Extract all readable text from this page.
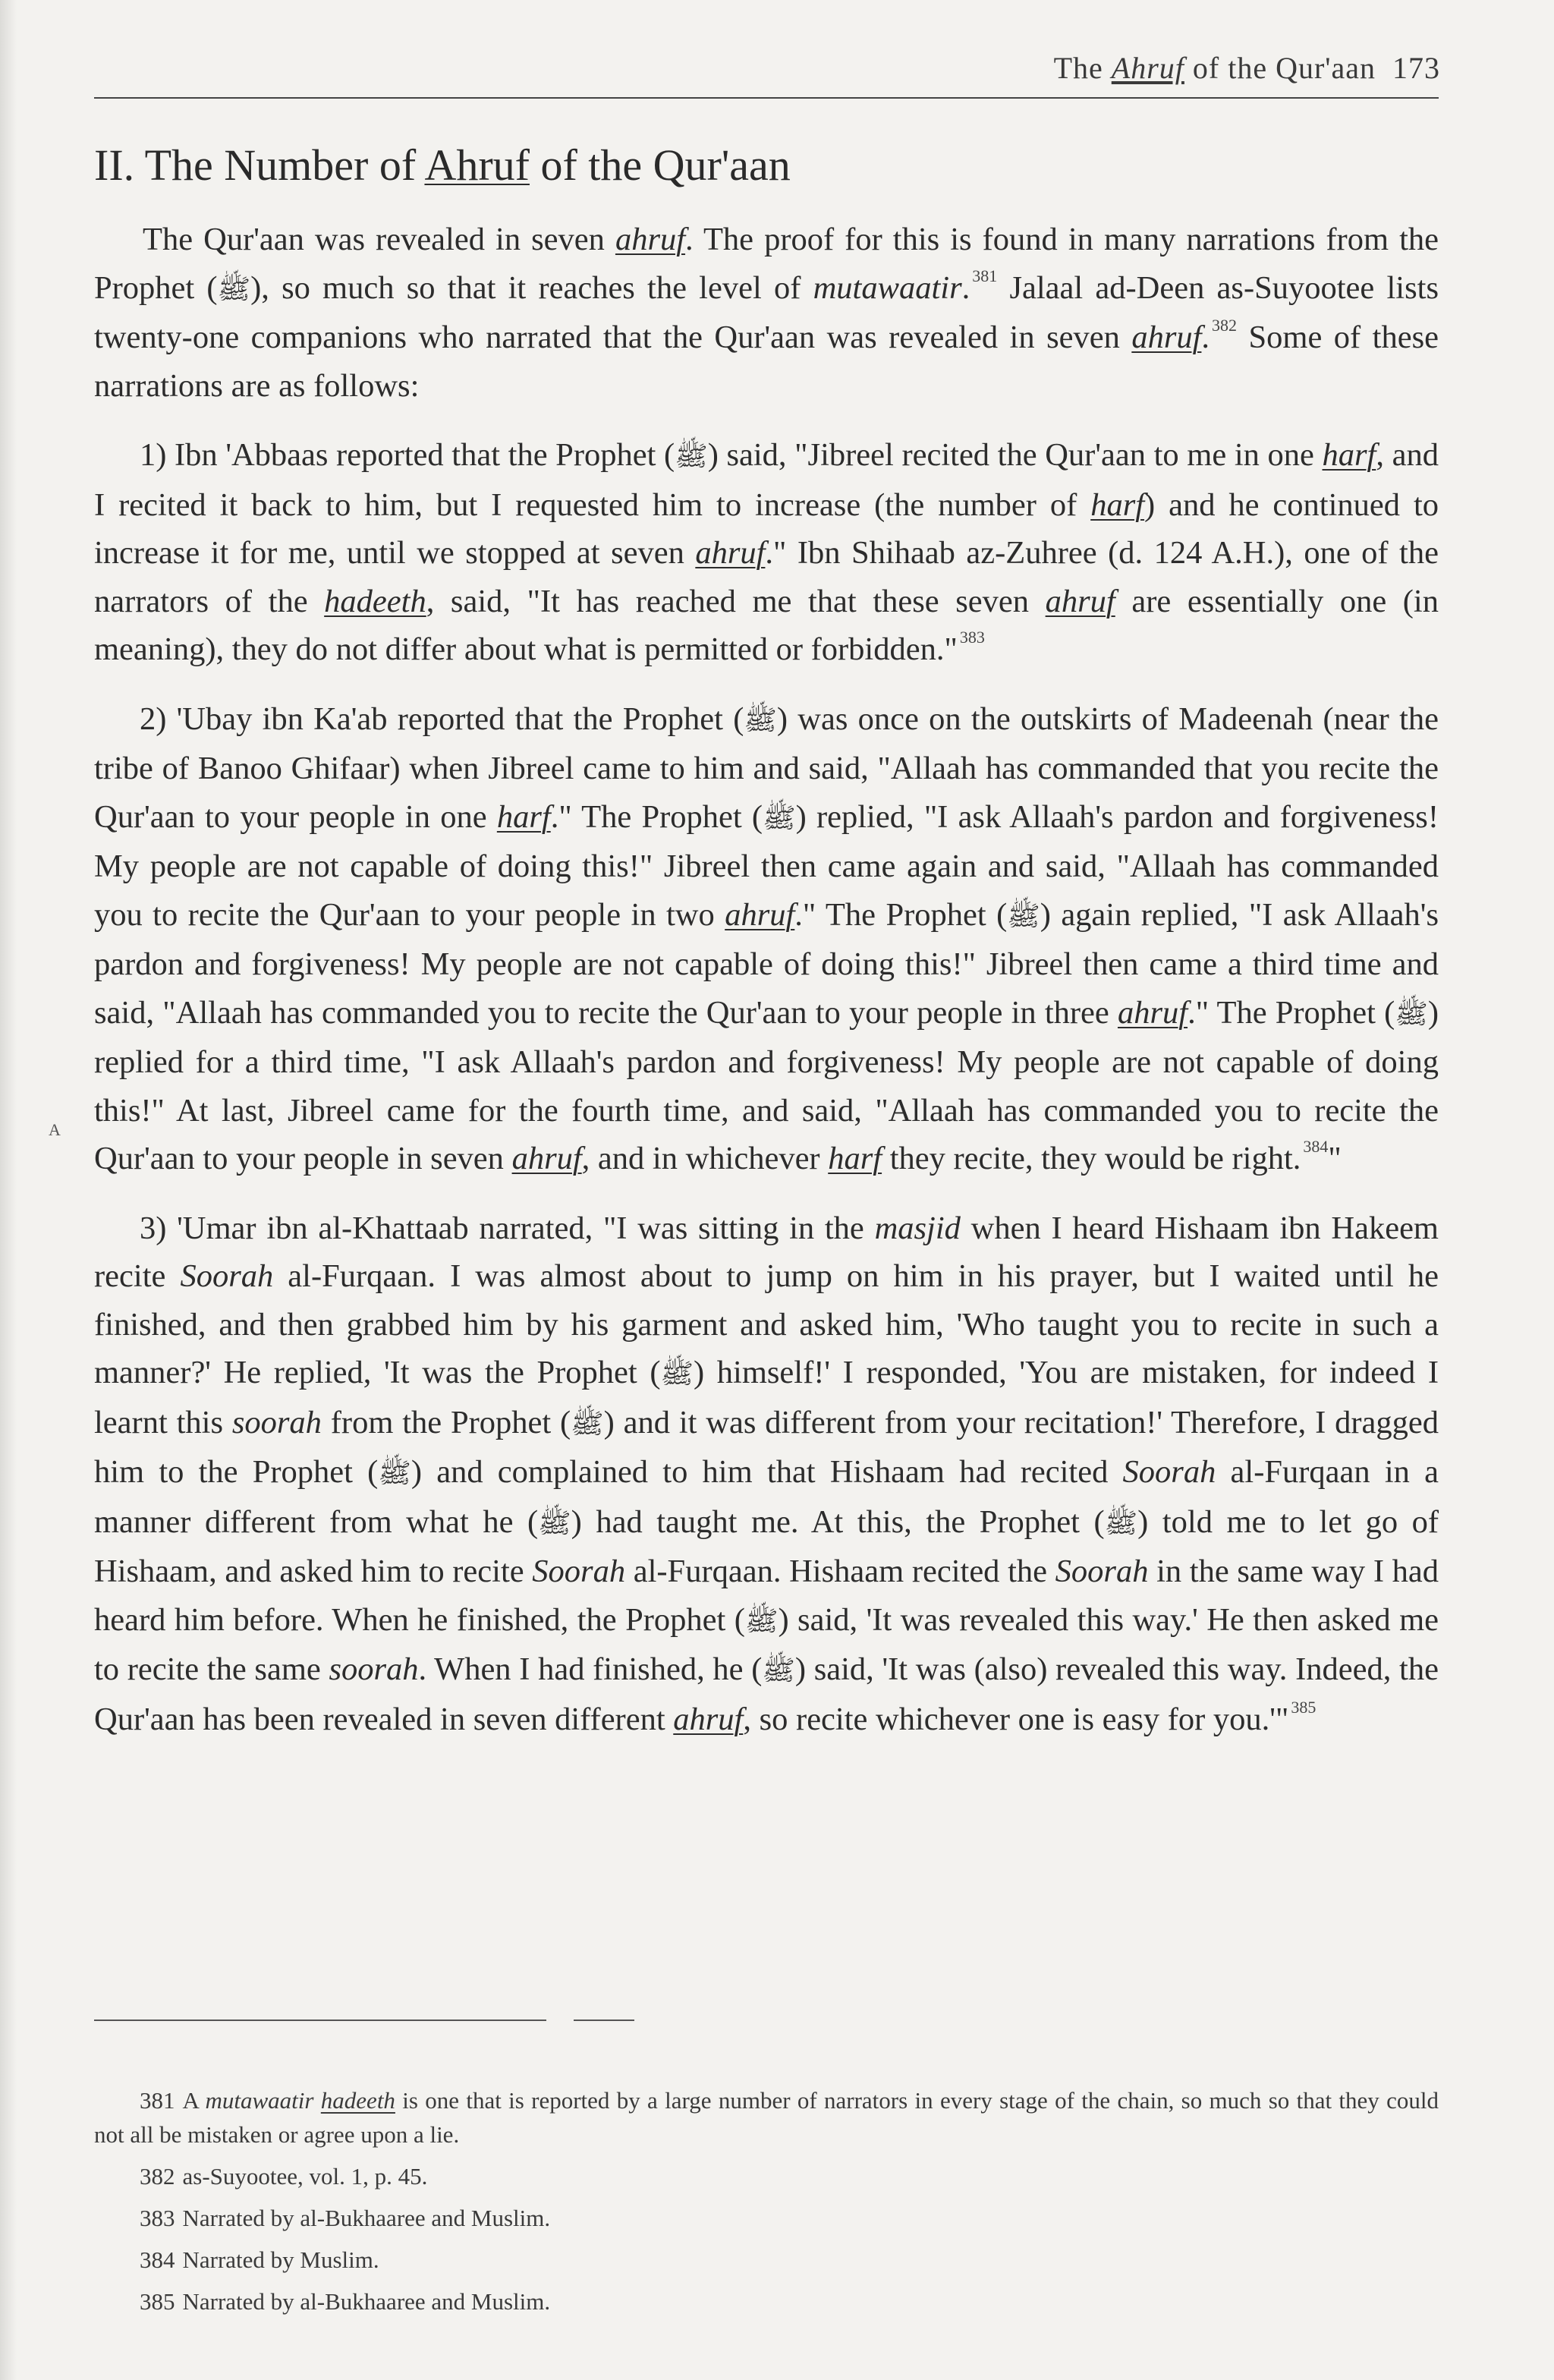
The Ahruf of the Qur'aan 173
II. The Number of Ahruf of the Qur'aan
A

The Qur'aan was revealed in seven ahruf. The proof for this is found in many narrations from the Prophet (ﷺ), so much so that it reaches the level of mutawaatir. $^{381}$ Jalaal ad-Deen as-Suyootee lists twenty-one companions who narrated that the Qur'aan was revealed in seven ahruf. $^{382}$ Some of these narrations are as follows:

1) Ibn 'Abbaas reported that the Prophet (ﷺ) said, "Jibreel recited the Qur'aan to me in one harf, and I recited it back to him, but I requested him to increase (the number of harf) and he continued to increase it for me, until we stopped at seven ahruf." Ibn Shihaab az-Zuhree (d. 124 A.H.), one of the narrators of the hadeeth, said, "It has reached me that these seven ahruf are essentially one (in meaning), they do not differ about what is permitted or forbidden." $^{383}$

2) 'Ubay ibn Ka'ab reported that the Prophet (ﷺ) was once on the outskirts of Madeenah (near the tribe of Banoo Ghifaar) when Jibreel came to him and said, "Allaah has commanded that you recite the Qur'aan to your people in one harf." The Prophet (ﷺ) replied, "I ask Allaah's pardon and forgiveness! My people are not capable of doing this!" Jibreel then came again and said, "Allaah has commanded you to recite the Qur'aan to your people in two ahruf." The Prophet (ﷺ) again replied, "I ask Allaah's pardon and forgiveness! My people are not capable of doing this!" Jibreel then came a third time and said, "Allaah has commanded you to recite the Qur'aan to your people in three ahruf." The Prophet (ﷺ) replied for a third time, "I ask Allaah's pardon and forgiveness! My people are not capable of doing this!" At last, Jibreel came for the fourth time, and said, "Allaah has commanded you to recite the Qur'aan to your people in seven ahruf, and in whichever harf they recite, they would be right. $^{384}$"

3) 'Umar ibn al-Khattaab narrated, "I was sitting in the masjid when I heard Hishaam ibn Hakeem recite Soorah al-Furqaan. I was almost about to jump on him in his prayer, but I waited until he finished, and then grabbed him by his garment and asked him, 'Who taught you to recite in such a manner?' He replied, 'It was the Prophet (ﷺ) himself!' I responded, 'You are mistaken, for indeed I learnt this soorah from the Prophet (ﷺ) and it was different from your recitation!' Therefore, I dragged him to the Prophet (ﷺ) and complained to him that Hishaam had recited Soorah al-Furqaan in a manner different from what he (ﷺ) had taught me. At this, the Prophet (ﷺ) told me to let go of Hishaam, and asked him to recite Soorah al-Furqaan. Hishaam recited the Soorah in the same way I had heard him before. When he finished, the Prophet (ﷺ) said, 'It was revealed this way.' He then asked me to recite the same soorah. When I had finished, he (ﷺ) said, 'It was (also) revealed this way. Indeed, the Qur'aan has been revealed in seven different ahruf, so recite whichever one is easy for you.'" $^{385}$

381 A mutawaatir hadeeth is one that is reported by a large number of narrators in every stage of the chain, so much so that they could not all be mistaken or agree upon a lie.

382 as-Suyootee, vol. 1, p. 45.

383 Narrated by al-Bukhaaree and Muslim.

384 Narrated by Muslim.

385 Narrated by al-Bukhaaree and Muslim.
